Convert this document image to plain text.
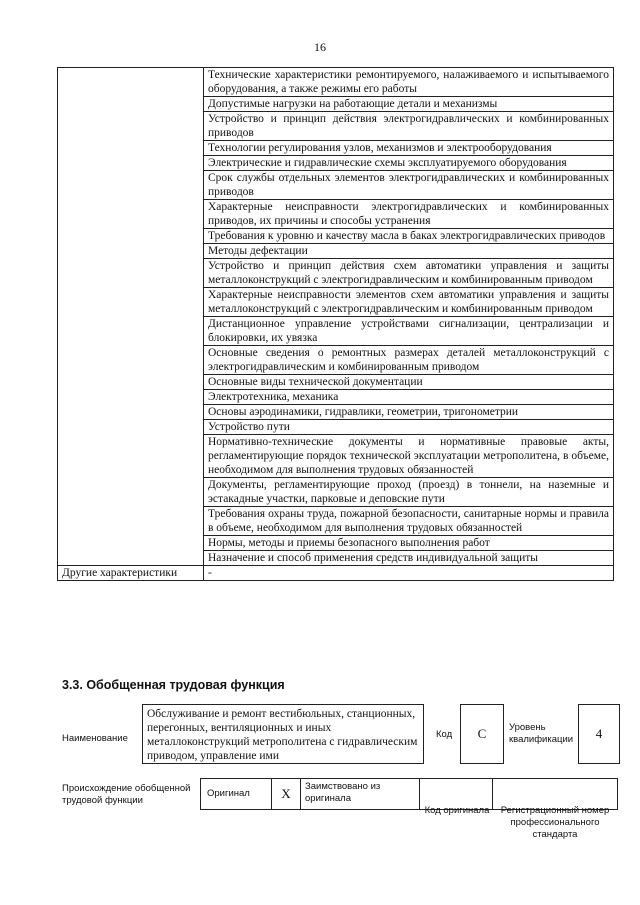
16
	Технические характеристики ремонтируемого, налаживаемого и испытываемого оборудования, а также режимы его работы
	Допустимые нагрузки на работающие детали и механизмы
	Устройство и принцип действия электрогидравлических и комбинированных приводов
	Технологии регулирования узлов, механизмов и электрооборудования
	Электрические и гидравлические схемы эксплуатируемого оборудования
	Срок службы отдельных элементов электрогидравлических и комбинированных приводов
	Характерные неисправности электрогидравлических и комбинированных приводов, их причины и способы устранения
	Требования к уровню и качеству масла в баках электрогидравлических приводов
	Методы дефектации
	Устройство и принцип действия схем автоматики управления и защиты металлоконструкций с электрогидравлическим и комбинированным приводом
	Характерные неисправности элементов схем автоматики управления и защиты металлоконструкций с электрогидравлическим и комбинированным приводом
	Дистанционное управление устройствами сигнализации, централизации и блокировки, их увязка
	Основные сведения о ремонтных размерах деталей металлоконструкций с электрогидравлическим и комбинированным приводом
	Основные виды технической документации
	Электротехника, механика
	Основы аэродинамики, гидравлики, геометрии, тригонометрии
	Устройство пути
	Нормативно-технические документы и нормативные правовые акты, регламентирующие порядок технической эксплуатации метрополитена, в объеме, необходимом для выполнения трудовых обязанностей
	Документы, регламентирующие проход (проезд) в тоннели, на наземные и эстакадные участки, парковые и деповские пути
	Требования охраны труда, пожарной безопасности, санитарные нормы и правила в объеме, необходимом для выполнения трудовых обязанностей
	Нормы, методы и приемы безопасного выполнения работ
	Назначение и способ применения средств индивидуальной защиты
Другие характеристики	-
3.3. Обобщенная трудовая функция
Наименование
Обслуживание и ремонт вестибюльных, станционных, перегонных, вентиляционных и иных металлоконструкций метрополитена с гидравлическим приводом, управление ими
Код	C	Уровень квалификации	4
Происхождение обобщенной трудовой функции
Оригинал	X	Заимствовано из оригинала
Код оригинала	Регистрационный номер профессионального стандарта
